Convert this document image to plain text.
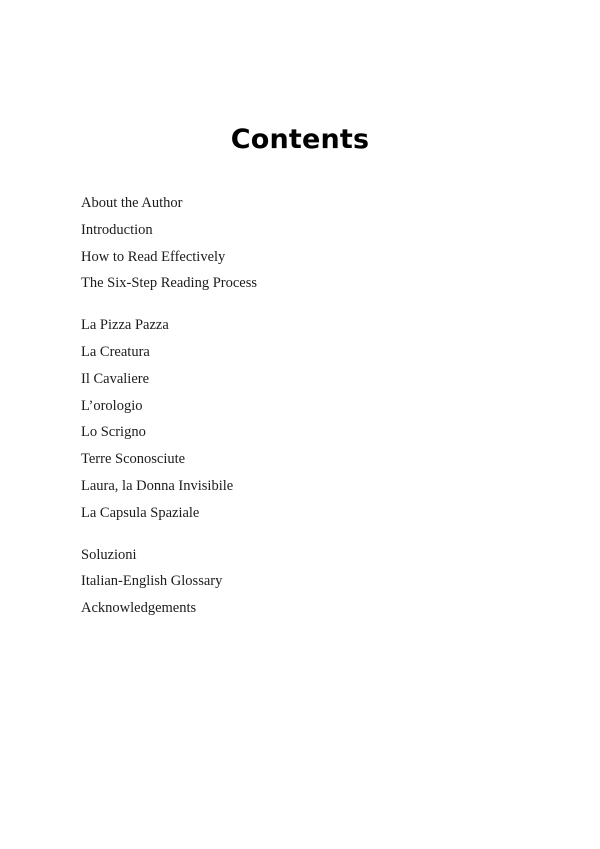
Contents
About the Author
Introduction
How to Read Effectively
The Six-Step Reading Process
La Pizza Pazza
La Creatura
Il Cavaliere
L’orologio
Lo Scrigno
Terre Sconosciute
Laura, la Donna Invisibile
La Capsula Spaziale
Soluzioni
Italian-English Glossary
Acknowledgements
